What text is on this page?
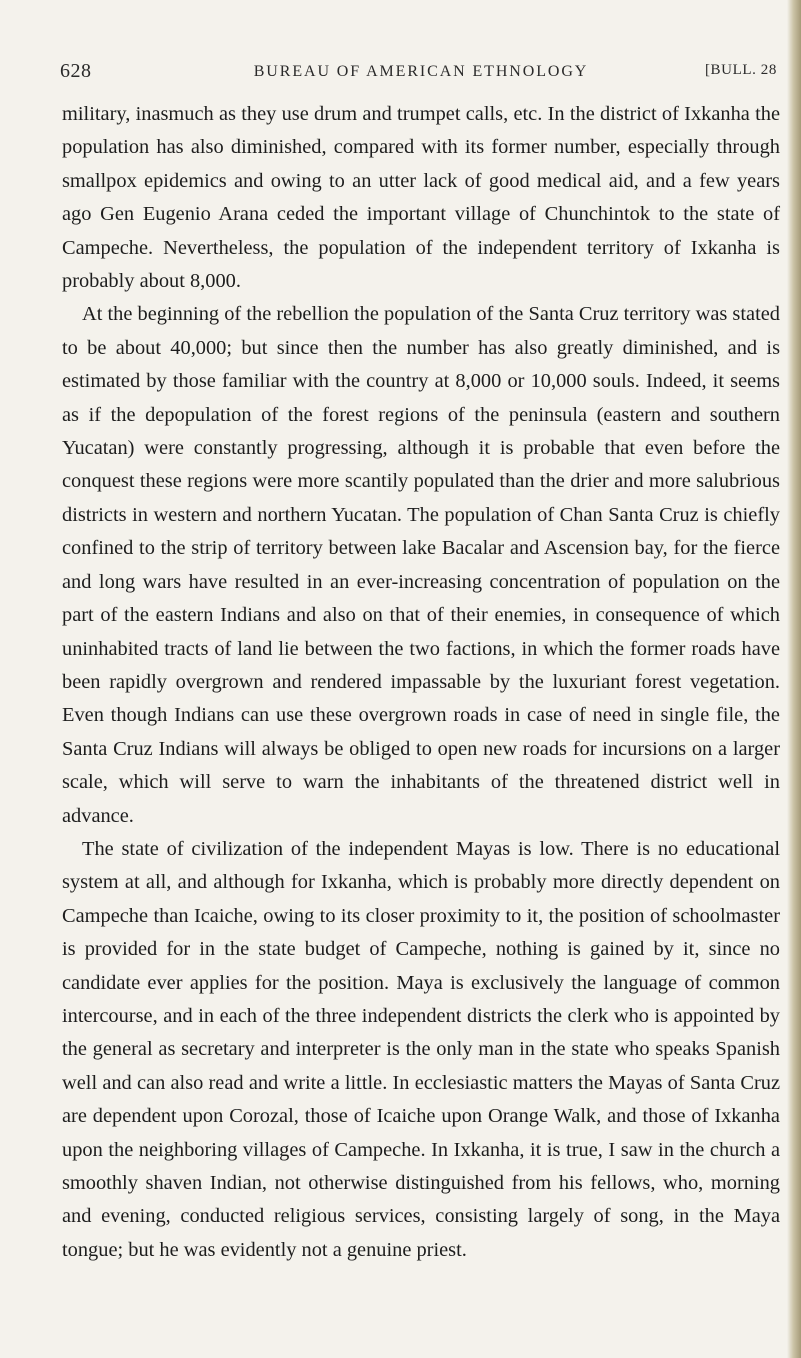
628	BUREAU OF AMERICAN ETHNOLOGY	[BULL. 28

military, inasmuch as they use drum and trumpet calls, etc. In the district of Ixkanha the population has also diminished, compared with its former number, especially through smallpox epidemics and owing to an utter lack of good medical aid, and a few years ago Gen Eugenio Arana ceded the important village of Chunchintok to the state of Campeche. Nevertheless, the population of the independent territory of Ixkanha is probably about 8,000.

At the beginning of the rebellion the population of the Santa Cruz territory was stated to be about 40,000; but since then the number has also greatly diminished, and is estimated by those familiar with the country at 8,000 or 10,000 souls. Indeed, it seems as if the depopulation of the forest regions of the peninsula (eastern and southern Yucatan) were constantly progressing, although it is probable that even before the conquest these regions were more scantily populated than the drier and more salubrious districts in western and northern Yucatan. The population of Chan Santa Cruz is chiefly confined to the strip of territory between lake Bacalar and Ascension bay, for the fierce and long wars have resulted in an ever-increasing concentration of population on the part of the eastern Indians and also on that of their enemies, in consequence of which uninhabited tracts of land lie between the two factions, in which the former roads have been rapidly overgrown and rendered impassable by the luxuriant forest vegetation. Even though Indians can use these overgrown roads in case of need in single file, the Santa Cruz Indians will always be obliged to open new roads for incursions on a larger scale, which will serve to warn the inhabitants of the threatened district well in advance.

The state of civilization of the independent Mayas is low. There is no educational system at all, and although for Ixkanha, which is probably more directly dependent on Campeche than Icaiche, owing to its closer proximity to it, the position of schoolmaster is provided for in the state budget of Campeche, nothing is gained by it, since no candidate ever applies for the position. Maya is exclusively the language of common intercourse, and in each of the three independent districts the clerk who is appointed by the general as secretary and interpreter is the only man in the state who speaks Spanish well and can also read and write a little. In ecclesiastic matters the Mayas of Santa Cruz are dependent upon Corozal, those of Icaiche upon Orange Walk, and those of Ixkanha upon the neighboring villages of Campeche. In Ixkanha, it is true, I saw in the church a smoothly shaven Indian, not otherwise distinguished from his fellows, who, morning and evening, conducted religious services, consisting largely of song, in the Maya tongue; but he was evidently not a genuine priest.
